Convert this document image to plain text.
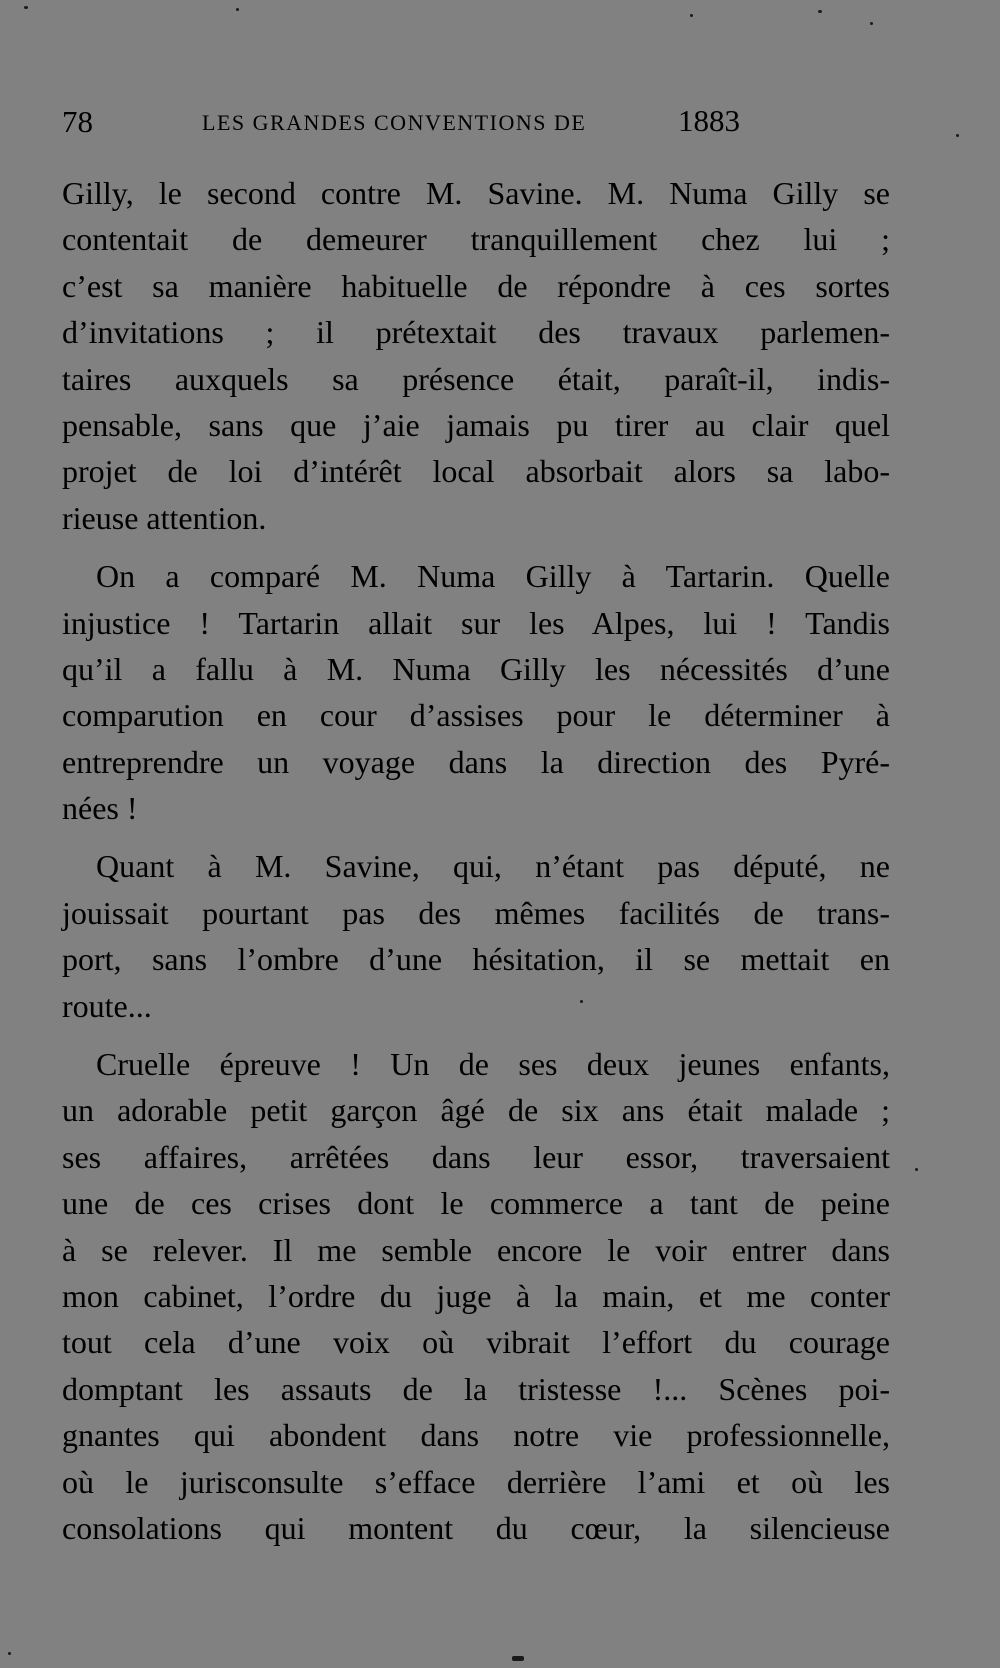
78	LES GRANDES CONVENTIONS DE	1883
Gilly, le second contre M. Savine. M. Numa Gilly se
contentait de demeurer tranquillement chez lui ;
c’est sa manière habituelle de répondre à ces sortes
d’invitations ; il prétextait des travaux parlemen-
taires auxquels sa présence était, paraît-il, indis-
pensable, sans que j’aie jamais pu tirer au clair quel
projet de loi d’intérêt local absorbait alors sa labo-
rieuse attention.
On a comparé M. Numa Gilly à Tartarin. Quelle
injustice ! Tartarin allait sur les Alpes, lui ! Tandis
qu’il a fallu à M. Numa Gilly les nécessités d’une
comparution en cour d’assises pour le déterminer à
entreprendre un voyage dans la direction des Pyré-
nées !
Quant à M. Savine, qui, n’étant pas député, ne
jouissait pourtant pas des mêmes facilités de trans-
port, sans l’ombre d’une hésitation, il se mettait en
route...
Cruelle épreuve ! Un de ses deux jeunes enfants,
un adorable petit garçon âgé de six ans était malade ;
ses affaires, arrêtées dans leur essor, traversaient
une de ces crises dont le commerce a tant de peine
à se relever. Il me semble encore le voir entrer dans
mon cabinet, l’ordre du juge à la main, et me conter
tout cela d’une voix où vibrait l’effort du courage
domptant les assauts de la tristesse !... Scènes poi-
gnantes qui abondent dans notre vie professionnelle,
où le jurisconsulte s’efface derrière l’ami et où les
consolations qui montent du cœur, la silencieuse
